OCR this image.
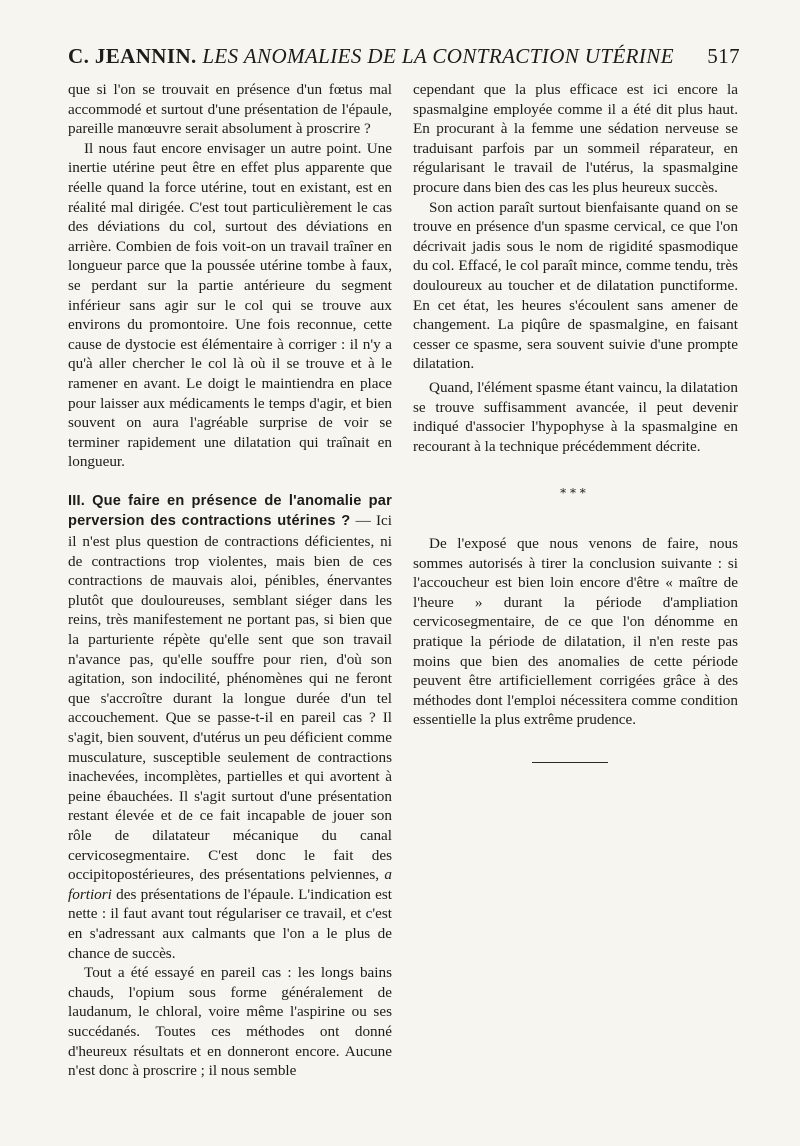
C. JEANNIN. LES ANOMALIES DE LA CONTRACTION UTÉRINE 517

que si l'on se trouvait en présence d'un fœtus mal accommodé et surtout d'une présentation de l'épaule, pareille manœuvre serait absolument à proscrire ?

Il nous faut encore envisager un autre point. Une inertie utérine peut être en effet plus apparente que réelle quand la force utérine, tout en existant, est en réalité mal dirigée. C'est tout particulièrement le cas des déviations du col, surtout des déviations en arrière. Combien de fois voit-on un travail traîner en longueur parce que la poussée utérine tombe à faux, se perdant sur la partie antérieure du segment inférieur sans agir sur le col qui se trouve aux environs du promontoire. Une fois reconnue, cette cause de dystocie est élémentaire à corriger : il n'y a qu'à aller chercher le col là où il se trouve et à le ramener en avant. Le doigt le maintiendra en place pour laisser aux médicaments le temps d'agir, et bien souvent on aura l'agréable surprise de voir se terminer rapidement une dilatation qui traînait en longueur.

III. Que faire en présence de l'anomalie par perversion des contractions utérines ? — Ici il n'est plus question de contractions déficientes, ni de contractions trop violentes, mais bien de ces contractions de mauvais aloi, pénibles, énervantes plutôt que douloureuses, semblant siéger dans les reins, très manifestement ne portant pas, si bien que la parturiente répète qu'elle sent que son travail n'avance pas, qu'elle souffre pour rien, d'où son agitation, son indocilité, phénomènes qui ne feront que s'accroître durant la longue durée d'un tel accouchement. Que se passe-t-il en pareil cas ? Il s'agit, bien souvent, d'utérus un peu déficient comme musculature, susceptible seulement de contractions inachevées, incomplètes, partielles et qui avortent à peine ébauchées. Il s'agit surtout d'une présentation restant élevée et de ce fait incapable de jouer son rôle de dilatateur mécanique du canal cervicosegmentaire. C'est donc le fait des occipitopostérieures, des présentations pelviennes, a fortiori des présentations de l'épaule. L'indication est nette : il faut avant tout régulariser ce travail, et c'est en s'adressant aux calmants que l'on a le plus de chance de succès.

Tout a été essayé en pareil cas : les longs bains chauds, l'opium sous forme généralement de laudanum, le chloral, voire même l'aspirine ou ses succédanés. Toutes ces méthodes ont donné d'heureux résultats et en donneront encore. Aucune n'est donc à proscrire ; il nous semble

cependant que la plus efficace est ici encore la spasmalgine employée comme il a été dit plus haut. En procurant à la femme une sédation nerveuse se traduisant parfois par un sommeil réparateur, en régularisant le travail de l'utérus, la spasmalgine procure dans bien des cas les plus heureux succès.

Son action paraît surtout bienfaisante quand on se trouve en présence d'un spasme cervical, ce que l'on décrivait jadis sous le nom de rigidité spasmodique du col. Effacé, le col paraît mince, comme tendu, très douloureux au toucher et de dilatation punctiforme. En cet état, les heures s'écoulent sans amener de changement. La piqûre de spasmalgine, en faisant cesser ce spasme, sera souvent suivie d'une prompte dilatation.

Quand, l'élément spasme étant vaincu, la dilatation se trouve suffisamment avancée, il peut devenir indiqué d'associer l'hypophyse à la spasmalgine en recourant à la technique précédemment décrite.

* * *

De l'exposé que nous venons de faire, nous sommes autorisés à tirer la conclusion suivante : si l'accoucheur est bien loin encore d'être « maître de l'heure » durant la période d'ampliation cervicosegmentaire, de ce que l'on dénomme en pratique la période de dilatation, il n'en reste pas moins que bien des anomalies de cette période peuvent être artificiellement corrigées grâce à des méthodes dont l'emploi nécessitera comme condition essentielle la plus extrême prudence.
